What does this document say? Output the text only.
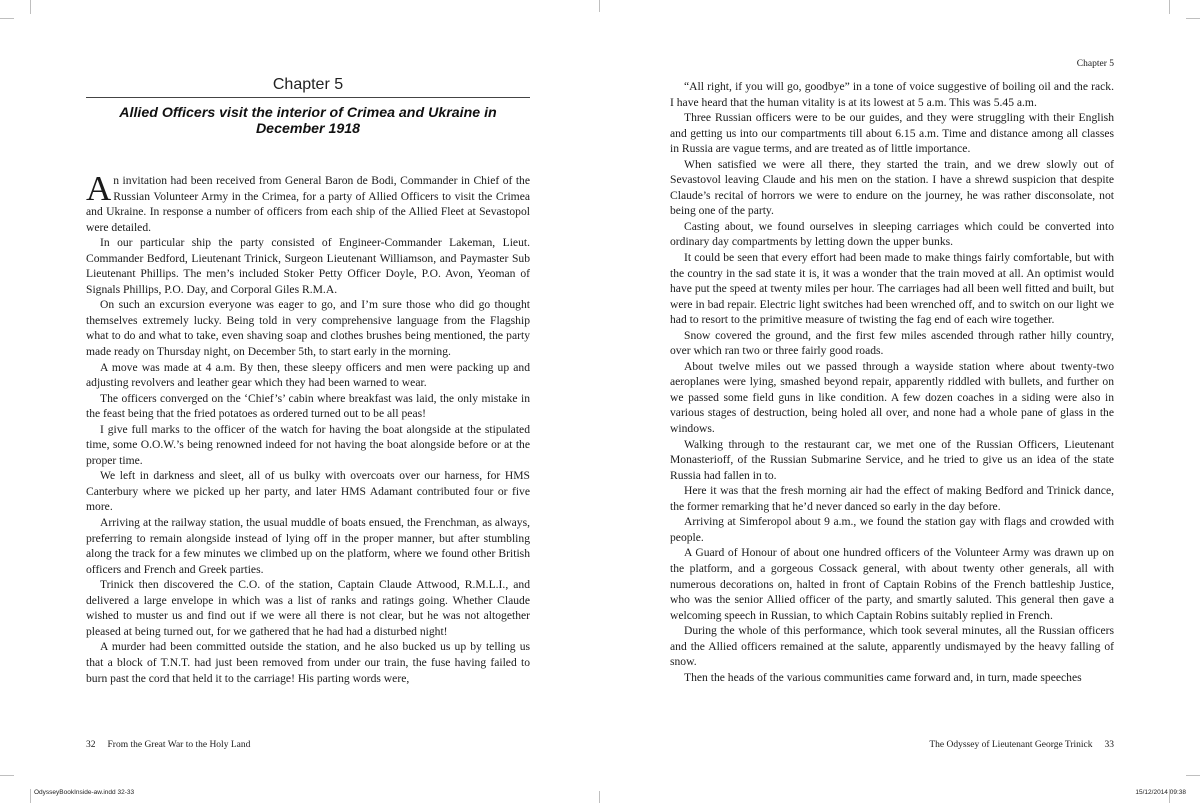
Chapter 5
Chapter 5
Allied Officers visit the interior of Crimea and Ukraine in December 1918

An invitation had been received from General Baron de Bodi, Commander in Chief of the Russian Volunteer Army in the Crimea, for a party of Allied Officers to visit the Crimea and Ukraine. In response a number of officers from each ship of the Allied Fleet at Sevastopol were detailed.

In our particular ship the party consisted of Engineer-Commander Lakeman, Lieut. Commander Bedford, Lieutenant Trinick, Surgeon Lieutenant Williamson, and Paymaster Sub Lieutenant Phillips. The men’s included Stoker Petty Officer Doyle, P.O. Avon, Yeoman of Signals Phillips, P.O. Day, and Corporal Giles R.M.A.

On such an excursion everyone was eager to go, and I’m sure those who did go thought themselves extremely lucky. Being told in very comprehensive language from the Flagship what to do and what to take, even shaving soap and clothes brushes being mentioned, the party made ready on Thursday night, on December 5th, to start early in the morning.

A move was made at 4 a.m. By then, these sleepy officers and men were packing up and adjusting revolvers and leather gear which they had been warned to wear.

The officers converged on the ‘Chief’s’ cabin where breakfast was laid, the only mistake in the feast being that the fried potatoes as ordered turned out to be all peas!

I give full marks to the officer of the watch for having the boat alongside at the stipulated time, some O.O.W.’s being renowned indeed for not having the boat alongside before or at the proper time.

We left in darkness and sleet, all of us bulky with overcoats over our harness, for HMS Canterbury where we picked up her party, and later HMS Adamant contributed four or five more.

Arriving at the railway station, the usual muddle of boats ensued, the Frenchman, as always, preferring to remain alongside instead of lying off in the proper manner, but after stumbling along the track for a few minutes we climbed up on the platform, where we found other British officers and French and Greek parties.

Trinick then discovered the C.O. of the station, Captain Claude Attwood, R.M.L.I., and delivered a large envelope in which was a list of ranks and ratings going. Whether Claude wished to muster us and find out if we were all there is not clear, but he was not altogether pleased at being turned out, for we gathered that he had had a disturbed night!

A murder had been committed outside the station, and he also bucked us up by telling us that a block of T.N.T. had just been removed from under our train, the fuse having failed to burn past the cord that held it to the carriage! His parting words were,

32 From the Great War to the Holy Land

“All right, if you will go, goodbye” in a tone of voice suggestive of boiling oil and the rack. I have heard that the human vitality is at its lowest at 5 a.m. This was 5.45 a.m.

Three Russian officers were to be our guides, and they were struggling with their English and getting us into our compartments till about 6.15 a.m. Time and distance among all classes in Russia are vague terms, and are treated as of little importance.

When satisfied we were all there, they started the train, and we drew slowly out of Sevastovol leaving Claude and his men on the station. I have a shrewd suspicion that despite Claude’s recital of horrors we were to endure on the journey, he was rather disconsolate, not being one of the party.

Casting about, we found ourselves in sleeping carriages which could be converted into ordinary day compartments by letting down the upper bunks.

It could be seen that every effort had been made to make things fairly comfortable, but with the country in the sad state it is, it was a wonder that the train moved at all. An optimist would have put the speed at twenty miles per hour. The carriages had all been well fitted and built, but were in bad repair. Electric light switches had been wrenched off, and to switch on our light we had to resort to the primitive measure of twisting the fag end of each wire together.

Snow covered the ground, and the first few miles ascended through rather hilly country, over which ran two or three fairly good roads.

About twelve miles out we passed through a wayside station where about twenty-two aeroplanes were lying, smashed beyond repair, apparently riddled with bullets, and further on we passed some field guns in like condition. A few dozen coaches in a siding were also in various stages of destruction, being holed all over, and none had a whole pane of glass in the windows.

Walking through to the restaurant car, we met one of the Russian Officers, Lieutenant Monasterioff, of the Russian Submarine Service, and he tried to give us an idea of the state Russia had fallen in to.

Here it was that the fresh morning air had the effect of making Bedford and Trinick dance, the former remarking that he’d never danced so early in the day before.

Arriving at Simferopol about 9 a.m., we found the station gay with flags and crowded with people.

A Guard of Honour of about one hundred officers of the Volunteer Army was drawn up on the platform, and a gorgeous Cossack general, with about twenty other generals, all with numerous decorations on, halted in front of Captain Robins of the French battleship Justice, who was the senior Allied officer of the party, and smartly saluted. This general then gave a welcoming speech in Russian, to which Captain Robins suitably replied in French.

During the whole of this performance, which took several minutes, all the Russian officers and the Allied officers remained at the salute, apparently undismayed by the heavy falling of snow.

Then the heads of the various communities came forward and, in turn, made speeches

The Odyssey of Lieutenant George Trinick 33
OdysseyBookInside-aw.indd 32-33	15/12/2014 09:38
